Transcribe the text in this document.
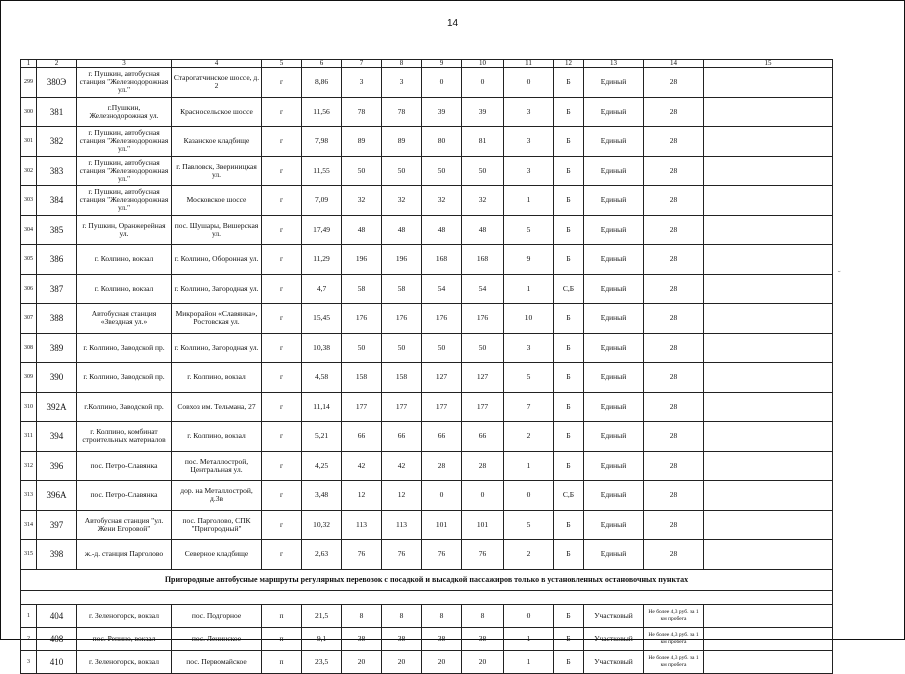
14
1	2	3	4	5	6	7	8	9	10	11	12	13	14	15
299	380Э	г. Пушкин, автобусная станция "Железнодорожная ул."	Старогатчинское шоссе, д. 2	г	8,86	3	3	0	0	0	Б	Единый	28	
300	381	г.Пушкин, Железнодорожная ул.	Красносельское шоссе	г	11,56	78	78	39	39	3	Б	Единый	28	
301	382	г. Пушкин, автобусная станция "Железнодорожная ул."	Казанское кладбище	г	7,98	89	89	80	81	3	Б	Единый	28	
302	383	г. Пушкин, автобусная станция "Железнодорожная ул."	г. Павловск, Звериницкая ул.	г	11,55	50	50	50	50	3	Б	Единый	28	
303	384	г. Пушкин, автобусная станция "Железнодорожная ул."	Московское шоссе	г	7,09	32	32	32	32	1	Б	Единый	28	
304	385	г. Пушкин, Оранжерейная ул.	пос. Шушары, Вишерская ул.	г	17,49	48	48	48	48	5	Б	Единый	28	
305	386	г. Колпино, вокзал	г. Колпино, Оборонная ул.	г	11,29	196	196	168	168	9	Б	Единый	28	
306	387	г. Колпино, вокзал	г. Колпино, Загородная ул.	г	4,7	58	58	54	54	1	С,Б	Единый	28	
307	388	Автобусная станция «Звездная ул.»	Микрорайон «Славянка», Ростовская ул.	г	15,45	176	176	176	176	10	Б	Единый	28	
308	389	г. Колпино, Заводской пр.	г. Колпино, Загородная ул.	г	10,38	50	50	50	50	3	Б	Единый	28	
309	390	г. Колпино, Заводской пр.	г. Колпино, вокзал	г	4,58	158	158	127	127	5	Б	Единый	28	
310	392А	г.Колпино, Заводской пр.	Совхоз им. Тельмана, 27	г	11,14	177	177	177	177	7	Б	Единый	28	
311	394	г. Колпино, комбинат строительных материалов	г. Колпино, вокзал	г	5,21	66	66	66	66	2	Б	Единый	28	
312	396	пос. Петро-Славянка	пос. Металлострой, Центральная ул.	г	4,25	42	42	28	28	1	Б	Единый	28	
313	396А	пос. Петро-Славянка	дор. на Металлострой, д.3в	г	3,48	12	12	0	0	0	С,Б	Единый	28	
314	397	Автобусная станция "ул. Жени Егоровой"	пос. Парголово, СПК "Пригородный"	г	10,32	113	113	101	101	5	Б	Единый	28	
315	398	ж.-д. станция Парголово	Северное кладбище	г	2,63	76	76	76	76	2	Б	Единый	28	
Пригородные автобусные маршруты регулярных перевозок с посадкой и высадкой пассажиров только в установленных остановочных пунктах														

1	404	г. Зеленогорск, вокзал	пос. Подгорное	п	21,5	8	8	8	8	0	Б	Участковый	Не более 4,3 руб. за 1 км пробега	
2	408	пос. Репино, вокзал	пос. Ленинское	п	9,1	38	38	38	38	1	Б	Участковый	Не более 4,3 руб. за 1 км пробега	
3	410	г. Зеленогорск, вокзал	пос. Первомайское	п	23,5	20	20	20	20	1	Б	Участковый	Не более 4,3 руб. за 1 км пробега	
˘
